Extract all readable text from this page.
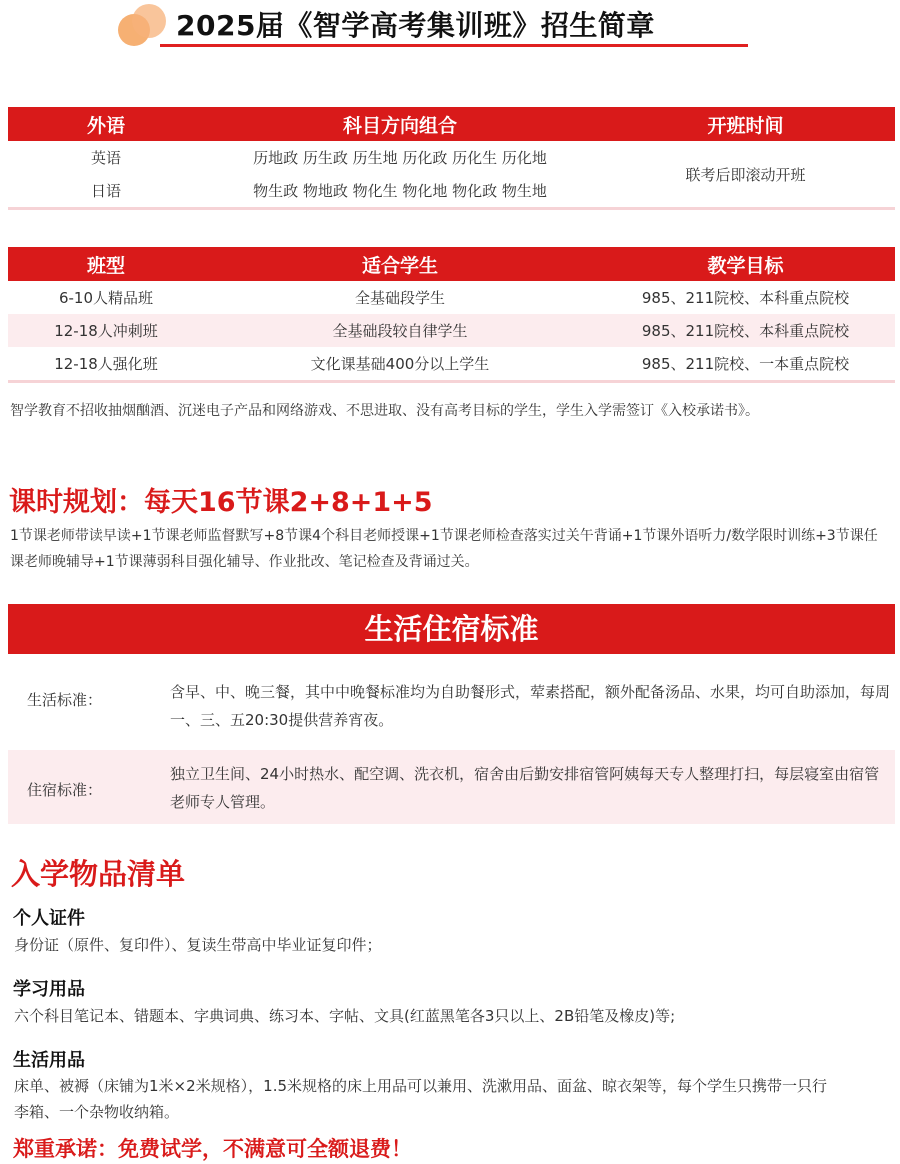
2025届《智学高考集训班》招生简章
外语	科目方向组合	开班时间
英语	历地政 历生政 历生地 历化政 历化生 历化地	联考后即滚动开班
日语	物生政 物地政 物化生 物化地 物化政 物生地	
班型	适合学生	教学目标
6-10人精品班	全基础段学生	985、211院校、本科重点院校
12-18人冲刺班	全基础段较自律学生	985、211院校、本科重点院校
12-18人强化班	文化课基础400分以上学生	985、211院校、一本重点院校
智学教育不招收抽烟酗酒、沉迷电子产品和网络游戏、不思进取、没有高考目标的学生，学生入学需签订《入校承诺书》。
课时规划：每天16节课2+8+1+5
1节课老师带读早读+1节课老师监督默写+8节课4个科目老师授课+1节课老师检查落实过关午背诵+1节课外语听力/数学限时训练+3节课任课老师晚辅导+1节课薄弱科目强化辅导、作业批改、笔记检查及背诵过关。
生活住宿标准
生活标准：	含早、中、晚三餐，其中中晚餐标准均为自助餐形式，荤素搭配，额外配备汤品、水果，均可自助添加，每周一、三、五20:30提供营养宵夜。
住宿标准：
独立卫生间、24小时热水、配空调、洗衣机，宿舍由后勤安排宿管阿姨每天专人整理打扫，每层寝室由宿管老师专人管理。
入学物品清单
个人证件
身份证（原件、复印件）、复读生带高中毕业证复印件；
学习用品
六个科目笔记本、错题本、字典词典、练习本、字帖、文具(红蓝黑笔各3只以上、2B铅笔及橡皮)等;
生活用品
床单、被褥（床铺为1米×2米规格），1.5米规格的床上用品可以兼用、洗漱用品、面盆、晾衣架等，每个学生只携带一只行李箱、一个杂物收纳箱。
郑重承诺：免费试学，不满意可全额退费！
